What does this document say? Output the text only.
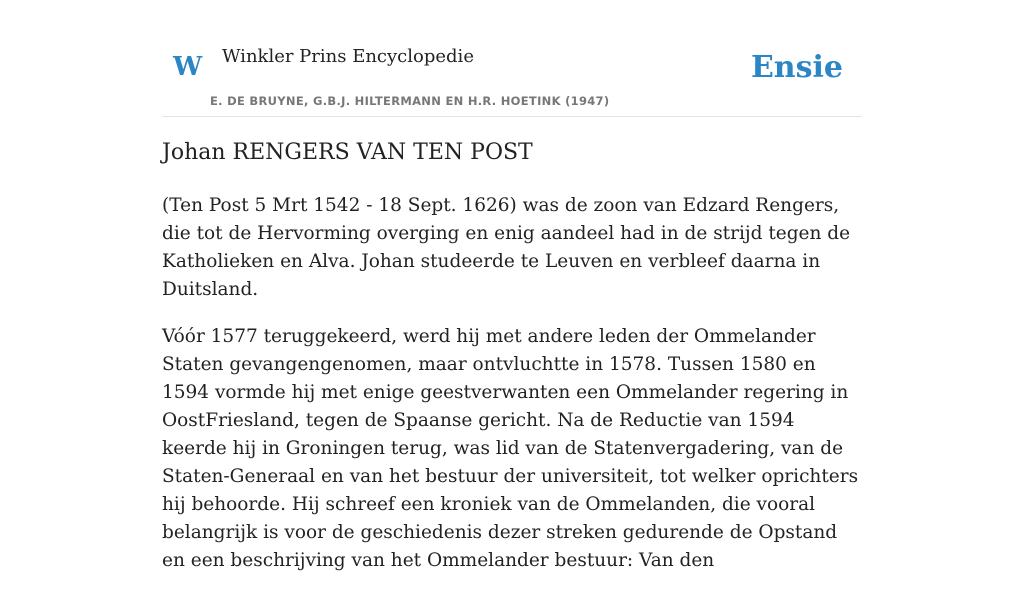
W Winkler Prins Encyclopedie
E. DE BRUYNE, G.B.J. HILTERMANN EN H.R. HOETINK (1947)
Ensie
Johan RENGERS VAN TEN POST

(Ten Post 5 Mrt 1542 - 18 Sept. 1626) was de zoon van Edzard Rengers, die tot de Hervorming overging en enig aandeel had in de strijd tegen de Katholieken en Alva. Johan studeerde te Leuven en verbleef daarna in Duitsland.

Vóór 1577 teruggekeerd, werd hij met andere leden der Ommelander Staten gevangengenomen, maar ontvluchtte in 1578. Tussen 1580 en 1594 vormde hij met enige geestverwanten een Ommelander regering in OostFriesland, tegen de Spaanse gericht. Na de Reductie van 1594 keerde hij in Groningen terug, was lid van de Statenvergadering, van de Staten-Generaal en van het bestuur der universiteit, tot welker oprichters hij behoorde. Hij schreef een kroniek van de Ommelanden, die vooral belangrijk is voor de geschiedenis dezer streken gedurende de Opstand en een beschrijving van het Ommelander bestuur: Van den
